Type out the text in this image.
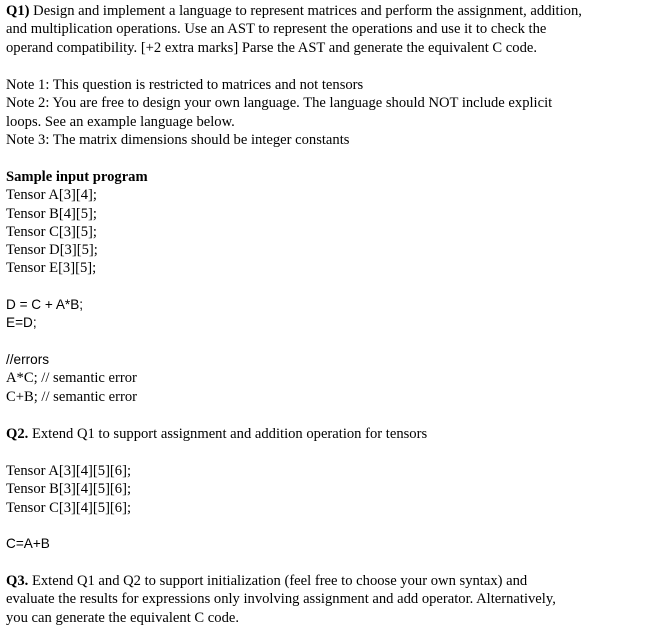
Q1) Design and implement a language to represent matrices and perform the assignment, addition,
and multiplication operations. Use an AST to represent the operations and use it to check the
operand compatibility. [+2 extra marks] Parse the AST and generate the equivalent C code.
Note 1: This question is restricted to matrices and not tensors
Note 2: You are free to design your own language. The language should NOT include explicit
loops. See an example language below.
Note 3: The matrix dimensions should be integer constants
Sample input program
Tensor A[3][4];
Tensor B[4][5];
Tensor C[3][5];
Tensor D[3][5];
Tensor E[3][5];
D = C + A*B;
E=D;
//errors
A*C; // semantic error
C+B; // semantic error
Q2. Extend Q1 to support assignment and addition operation for tensors
Tensor A[3][4][5][6];
Tensor B[3][4][5][6];
Tensor C[3][4][5][6];
C=A+B
Q3. Extend Q1 and Q2 to support initialization (feel free to choose your own syntax) and
evaluate the results for expressions only involving assignment and add operator. Alternatively,
you can generate the equivalent C code.
